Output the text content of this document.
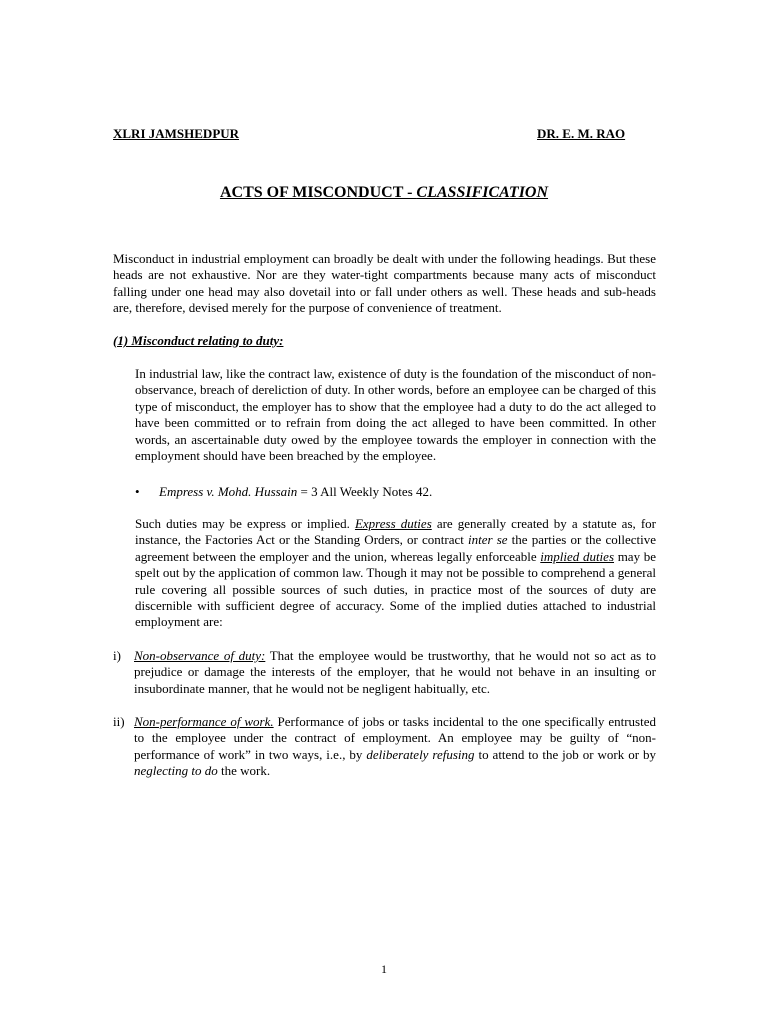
XLRI JAMSHEDPUR	DR. E. M. RAO
ACTS OF MISCONDUCT - CLASSIFICATION
Misconduct in industrial employment can broadly be dealt with under the following headings. But these heads are not exhaustive. Nor are they water-tight compartments because many acts of misconduct falling under one head may also dovetail into or fall under others as well. These heads and sub-heads are, therefore, devised merely for the purpose of convenience of treatment.
(1) Misconduct relating to duty:
In industrial law, like the contract law, existence of duty is the foundation of the misconduct of non-observance, breach of dereliction of duty. In other words, before an employee can be charged of this type of misconduct, the employer has to show that the employee had a duty to do the act alleged to have been committed or to refrain from doing the act alleged to have been committed. In other words, an ascertainable duty owed by the employee towards the employer in connection with the employment should have been breached by the employee.
• Empress v. Mohd. Hussain = 3 All Weekly Notes 42.
Such duties may be express or implied. Express duties are generally created by a statute as, for instance, the Factories Act or the Standing Orders, or contract inter se the parties or the collective agreement between the employer and the union, whereas legally enforceable implied duties may be spelt out by the application of common law. Though it may not be possible to comprehend a general rule covering all possible sources of such duties, in practice most of the sources of duty are discernible with sufficient degree of accuracy. Some of the implied duties attached to industrial employment are:
i) Non-observance of duty: That the employee would be trustworthy, that he would not so act as to prejudice or damage the interests of the employer, that he would not behave in an insulting or insubordinate manner, that he would not be negligent habitually, etc.
ii) Non-performance of work. Performance of jobs or tasks incidental to the one specifically entrusted to the employee under the contract of employment. An employee may be guilty of “non-performance of work” in two ways, i.e., by deliberately refusing to attend to the job or work or by neglecting to do the work.
1
